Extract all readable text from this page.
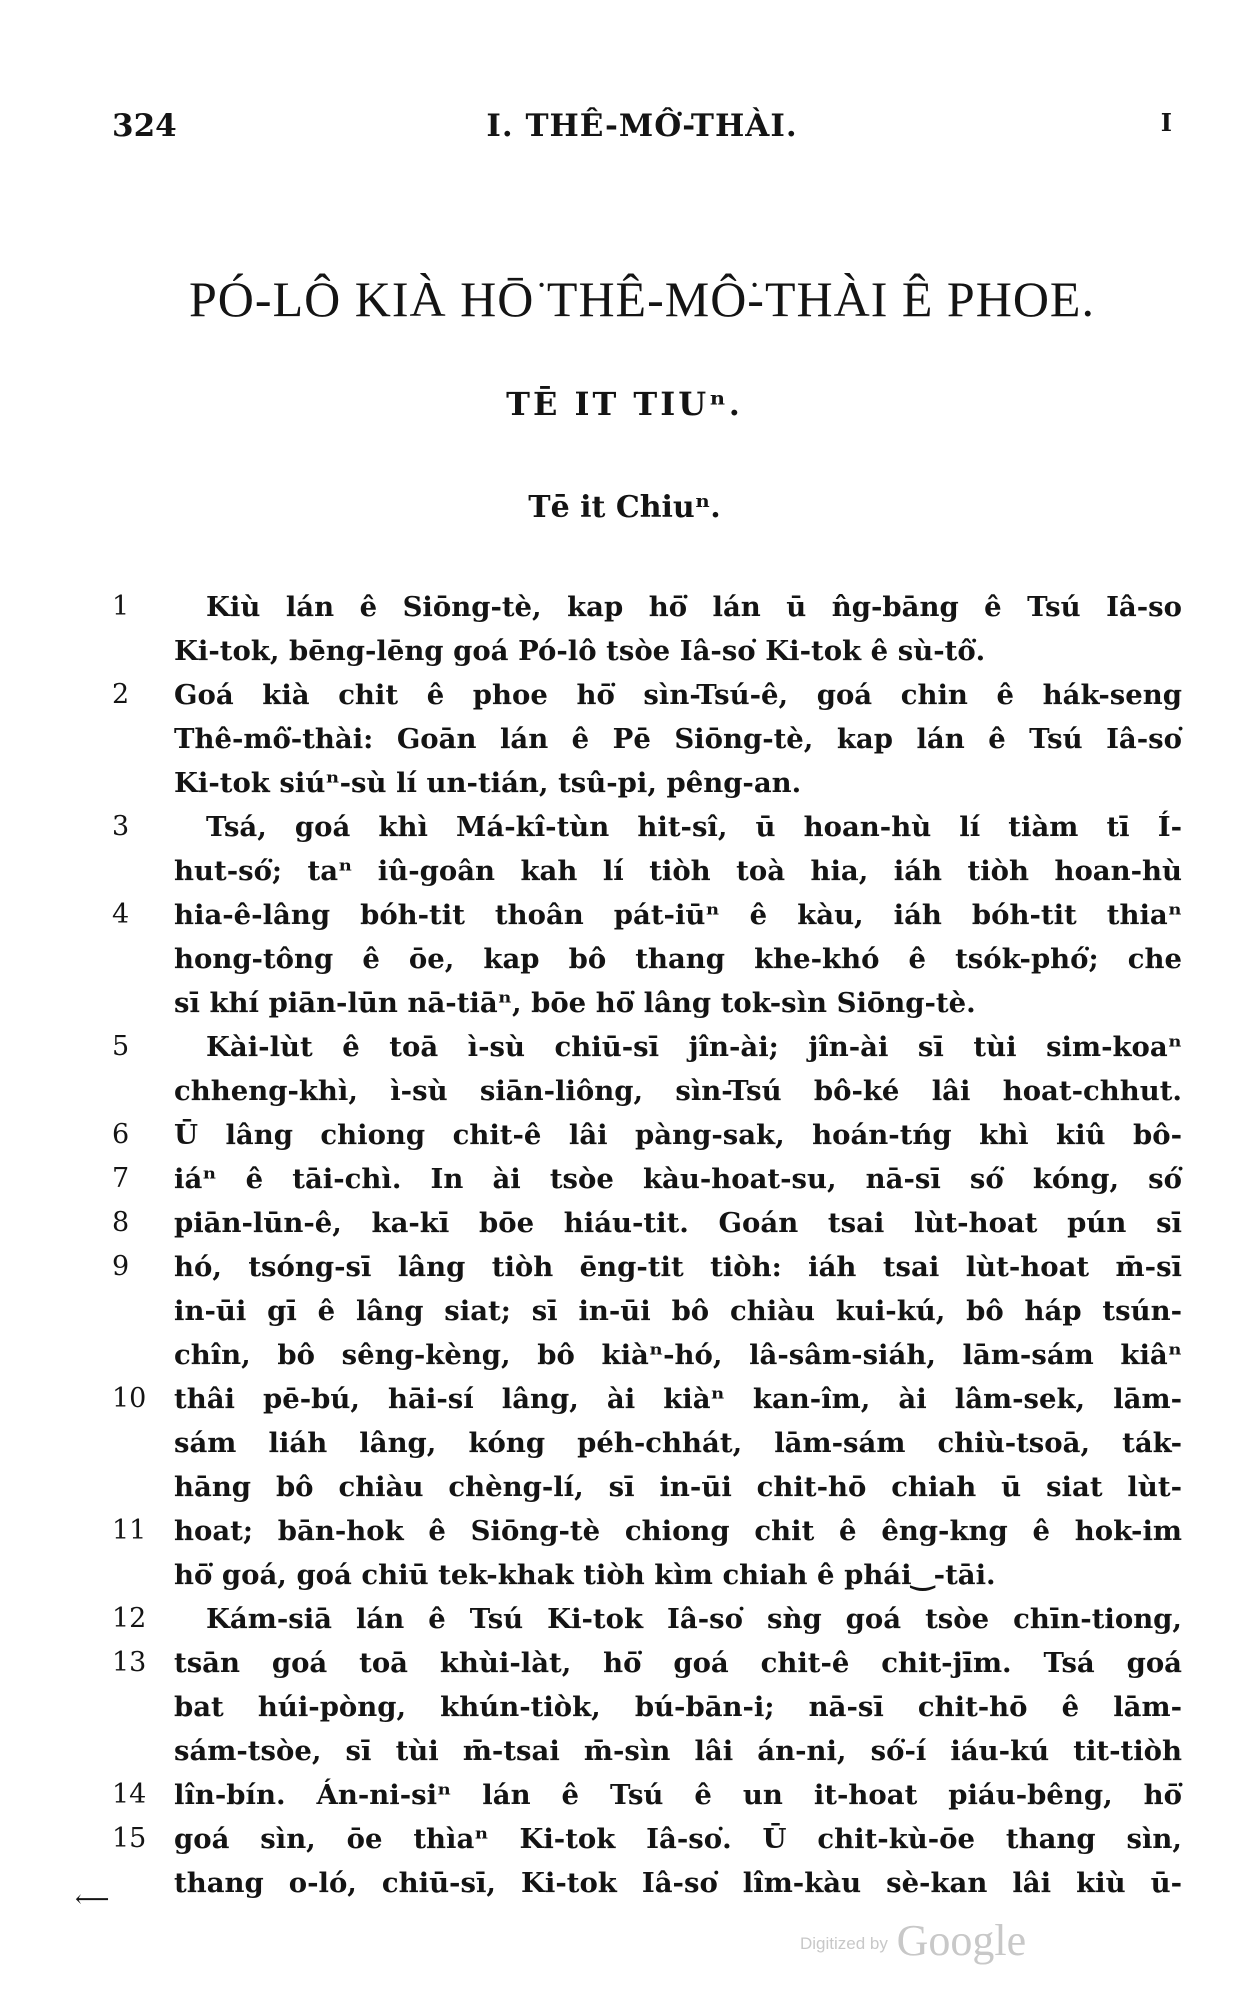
324	I. THÊ-MÔ͘-THÀI.	I
PÓ-LÔ KIÀ HŌ͘ THÊ-MÔ͘-THÀI Ê PHOE.
TĒ IT TIUⁿ.
Tē it Chiuⁿ.
1	Kiù lán ê Siōng-tè, kap hō͘ lán ū n̂g-bāng ê Tsú Iâ-so
Ki-tok, bēng-lēng goá Pó-lô tsòe Iâ-so͘ Ki-tok ê sù-tô͘.
2	Goá kià chit ê phoe hō͘ sìn-Tsú-ê, goá chin ê hák-seng
Thê-mô͘-thài: Goān lán ê Pē Siōng-tè, kap lán ê Tsú Iâ-so͘
Ki-tok siúⁿ-sù lí un-tián, tsû-pi, pêng-an.
3	Tsá, goá khì Má-kî-tùn hit-sî, ū hoan-hù lí tiàm tī Í-
hut-só͘; taⁿ iû-goân kah lí tiòh toà hia, iáh tiòh hoan-hù
4	hia-ê-lâng bóh-tit thoân pát-iūⁿ ê kàu, iáh bóh-tit thiaⁿ
hong-tông ê ōe, kap bô thang khe-khó ê tsók-phó͘; che
sī khí piān-lūn nā-tiāⁿ, bōe hō͘ lâng tok-sìn Siōng-tè.
5	Kài-lùt ê toā ì-sù chiū-sī jîn-ài; jîn-ài sī tùi sim-koaⁿ
chheng-khì, ì-sù siān-liông, sìn-Tsú bô-ké lâi hoat-chhut.
6	Ū lâng chiong chit-ê lâi pàng-sak, hoán-tńg khì kiû bô-
7	iáⁿ ê tāi-chì. In ài tsòe kàu-hoat-su, nā-sī só͘ kóng, só͘
8	piān-lūn-ê, ka-kī bōe hiáu-tit. Goán tsai lùt-hoat pún sī
9	hó, tsóng-sī lâng tiòh ēng-tit tiòh: iáh tsai lùt-hoat m̄-sī
in-ūi gī ê lâng siat; sī in-ūi bô chiàu kui-kú, bô háp tsún-
chîn, bô sêng-kèng, bô kiàⁿ-hó, lâ-sâm-siáh, lām-sám kiâⁿ
10 thâi pē-bú, hāi-sí lâng, ài kiàⁿ kan-îm, ài lâm-sek, lām-
sám liáh lâng, kóng péh-chhát, lām-sám chiù-tsoā, ták-
hāng bô chiàu chèng-lí, sī in-ūi chit-hō chiah ū siat lùt-
11 hoat; bān-hok ê Siōng-tè chiong chit ê êng-kng ê hok-im
hō͘ goá, goá chiū tek-khak tiòh kìm chiah ê phái‿-tāi.
12 Kám-siā lán ê Tsú Ki-tok Iâ-so͘ sǹg goá tsòe chīn-tiong,
13 tsān goá toā khùi-làt, hō͘ goá chit-ê chit-jīm. Tsá goá
bat húi-pòng, khún-tiòk, bú-bān-i; nā-sī chit-hō ê lām-
sám-tsòe, sī tùi m̄-tsai m̄-sìn lâi án-ni, só͘-í iáu-kú tit-tiòh
14 lîn-bín. Án-ni-siⁿ lán ê Tsú ê un it-hoat piáu-bêng, hō͘
15 goá sìn, ōe thìaⁿ Ki-tok Iâ-so͘. Ū chit-kù-ōe thang sìn,
thang o-ló, chiū-sī, Ki-tok Iâ-so͘ lîm-kàu sè-kan lâi kiù ū-
⟵
Digitized by Google
